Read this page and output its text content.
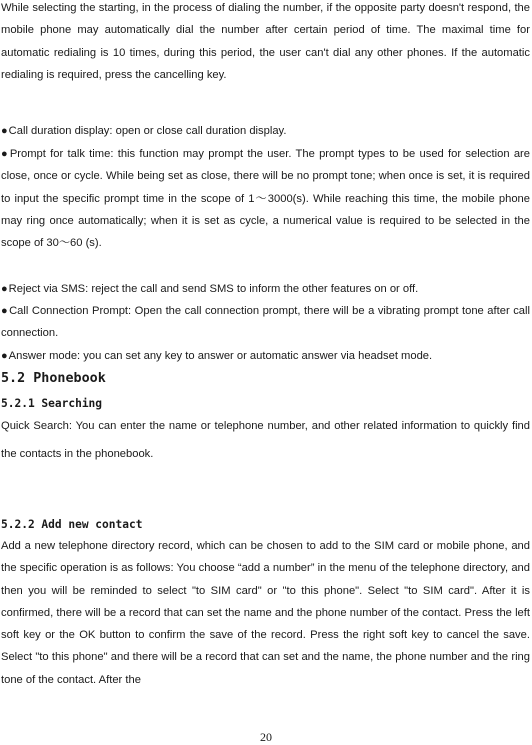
While selecting the starting, in the process of dialing the number, if the opposite party doesn't respond, the mobile phone may automatically dial the number after certain period of time. The maximal time for automatic redialing is 10 times, during this period, the user can't dial any other phones. If the automatic redialing is required, press the cancelling key.

●Call duration display: open or close call duration display.

●Prompt for talk time: this function may prompt the user. The prompt types to be used for selection are close, once or cycle. While being set as close, there will be no prompt tone; when once is set, it is required to input the specific prompt time in the scope of 1～3000(s). While reaching this time, the mobile phone may ring once automatically; when it is set as cycle, a numerical value is required to be selected in the scope of 30～60 (s).

●Reject via SMS: reject the call and send SMS to inform the other features on or off.

●Call Connection Prompt: Open the call connection prompt, there will be a vibrating prompt tone after call connection.

●Answer mode: you can set any key to answer or automatic answer via headset mode.

5.2 Phonebook
5.2.1 Searching

Quick Search: You can enter the name or telephone number, and other related information to quickly find the contacts in the phonebook.

5.2.2 Add new contact

Add a new telephone directory record, which can be chosen to add to the SIM card or mobile phone, and the specific operation is as follows: You choose “add a number” in the menu of the telephone directory, and then you will be reminded to select "to SIM card" or "to this phone". Select "to SIM card". After it is confirmed, there will be a record that can set the name and the phone number of the contact. Press the left soft key or the OK button to confirm the save of the record. Press the right soft key to cancel the save. Select "to this phone" and there will be a record that can set and the name, the phone number and the ring tone of the contact. After the

20
